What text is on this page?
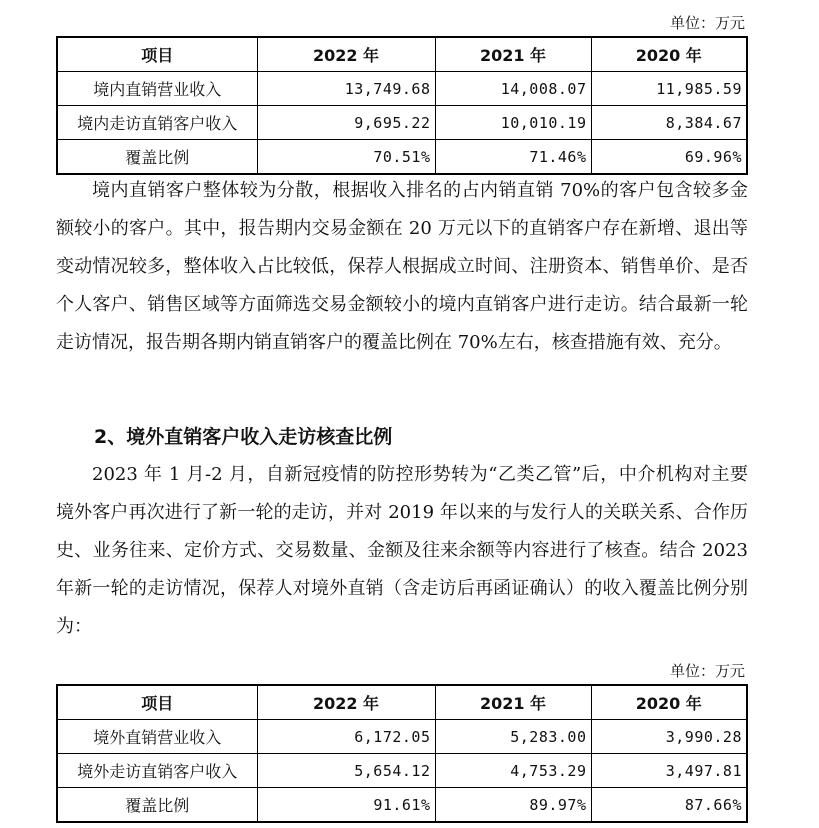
单位：万元
项目	2022 年	2021 年	2020 年
境内直销营业收入	13,749.68	14,008.07	11,985.59
境内走访直销客户收入	9,695.22	10,010.19	8,384.67
覆盖比例	70.51%	71.46%	69.96%

境内直销客户整体较为分散，根据收入排名的占内销直销 70%的客户包含较多金额较小的客户。其中，报告期内交易金额在 20 万元以下的直销客户存在新增、退出等变动情况较多，整体收入占比较低，保荐人根据成立时间、注册资本、销售单价、是否个人客户、销售区域等方面筛选交易金额较小的境内直销客户进行走访。结合最新一轮走访情况，报告期各期内销直销客户的覆盖比例在 70%左右，核查措施有效、充分。

2、境外直销客户收入走访核查比例

2023 年 1 月-2 月，自新冠疫情的防控形势转为“乙类乙管”后，中介机构对主要境外客户再次进行了新一轮的走访，并对 2019 年以来的与发行人的关联关系、合作历史、业务往来、定价方式、交易数量、金额及往来余额等内容进行了核查。结合 2023 年新一轮的走访情况，保荐人对境外直销（含走访后再函证确认）的收入覆盖比例分别为：

单位：万元
项目	2022 年	2021 年	2020 年
境外直销营业收入	6,172.05	5,283.00	3,990.28
境外走访直销客户收入	5,654.12	4,753.29	3,497.81
覆盖比例	91.61%	89.97%	87.66%
